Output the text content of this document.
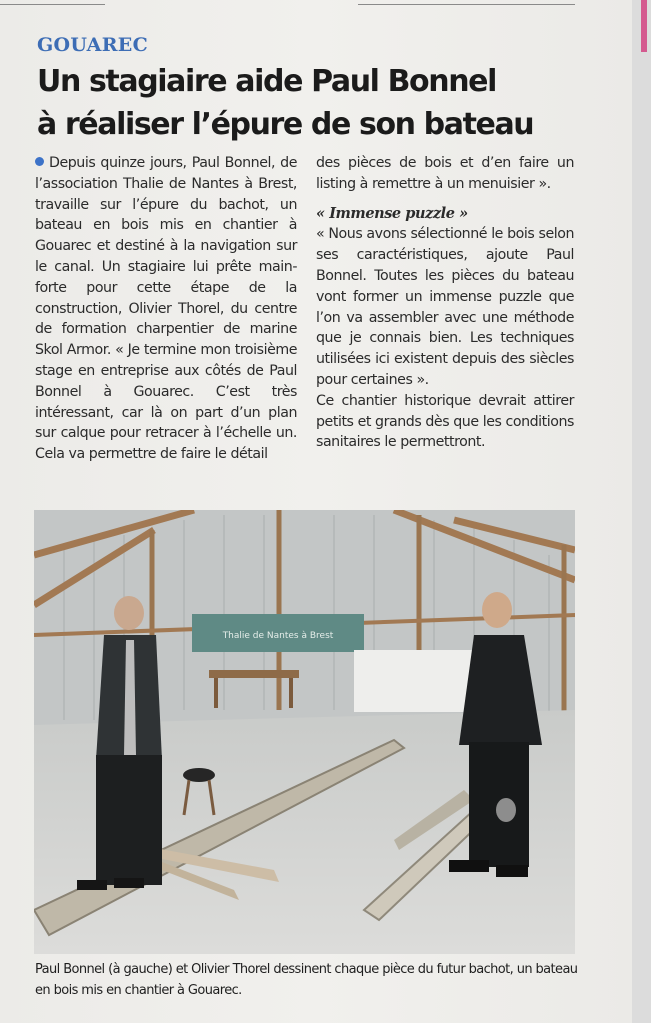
GOUAREC
Un stagiaire aide Paul Bonnel
à réaliser l’épure de son bateau

Depuis quinze jours, Paul Bonnel, de l’association Thalie de Nantes à Brest, travaille sur l’épure du bachot, un bateau en bois mis en chantier à Gouarec et destiné à la navigation sur le canal. Un stagiaire lui prête main-forte pour cette étape de la construction, Olivier Thorel, du centre de formation charpentier de marine Skol Armor. « Je termine mon troisième stage en entreprise aux côtés de Paul Bonnel à Gouarec. C’est très intéressant, car là on part d’un plan sur calque pour retracer à l’échelle un. Cela va permettre de faire le détail

des pièces de bois et d’en faire un listing à remettre à un menuisier ».

« Immense puzzle »

« Nous avons sélectionné le bois selon ses caractéristiques, ajoute Paul Bonnel. Toutes les pièces du bateau vont former un immense puzzle que l’on va assembler avec une méthode que je connais bien. Les techniques utilisées ici existent depuis des siècles pour certaines ».

Ce chantier historique devrait attirer petits et grands dès que les conditions sanitaires le permettront.

Thalie de Nantes à Brest
Paul Bonnel (à gauche) et Olivier Thorel dessinent chaque pièce du futur bachot, un bateau en bois mis en chantier à Gouarec.
